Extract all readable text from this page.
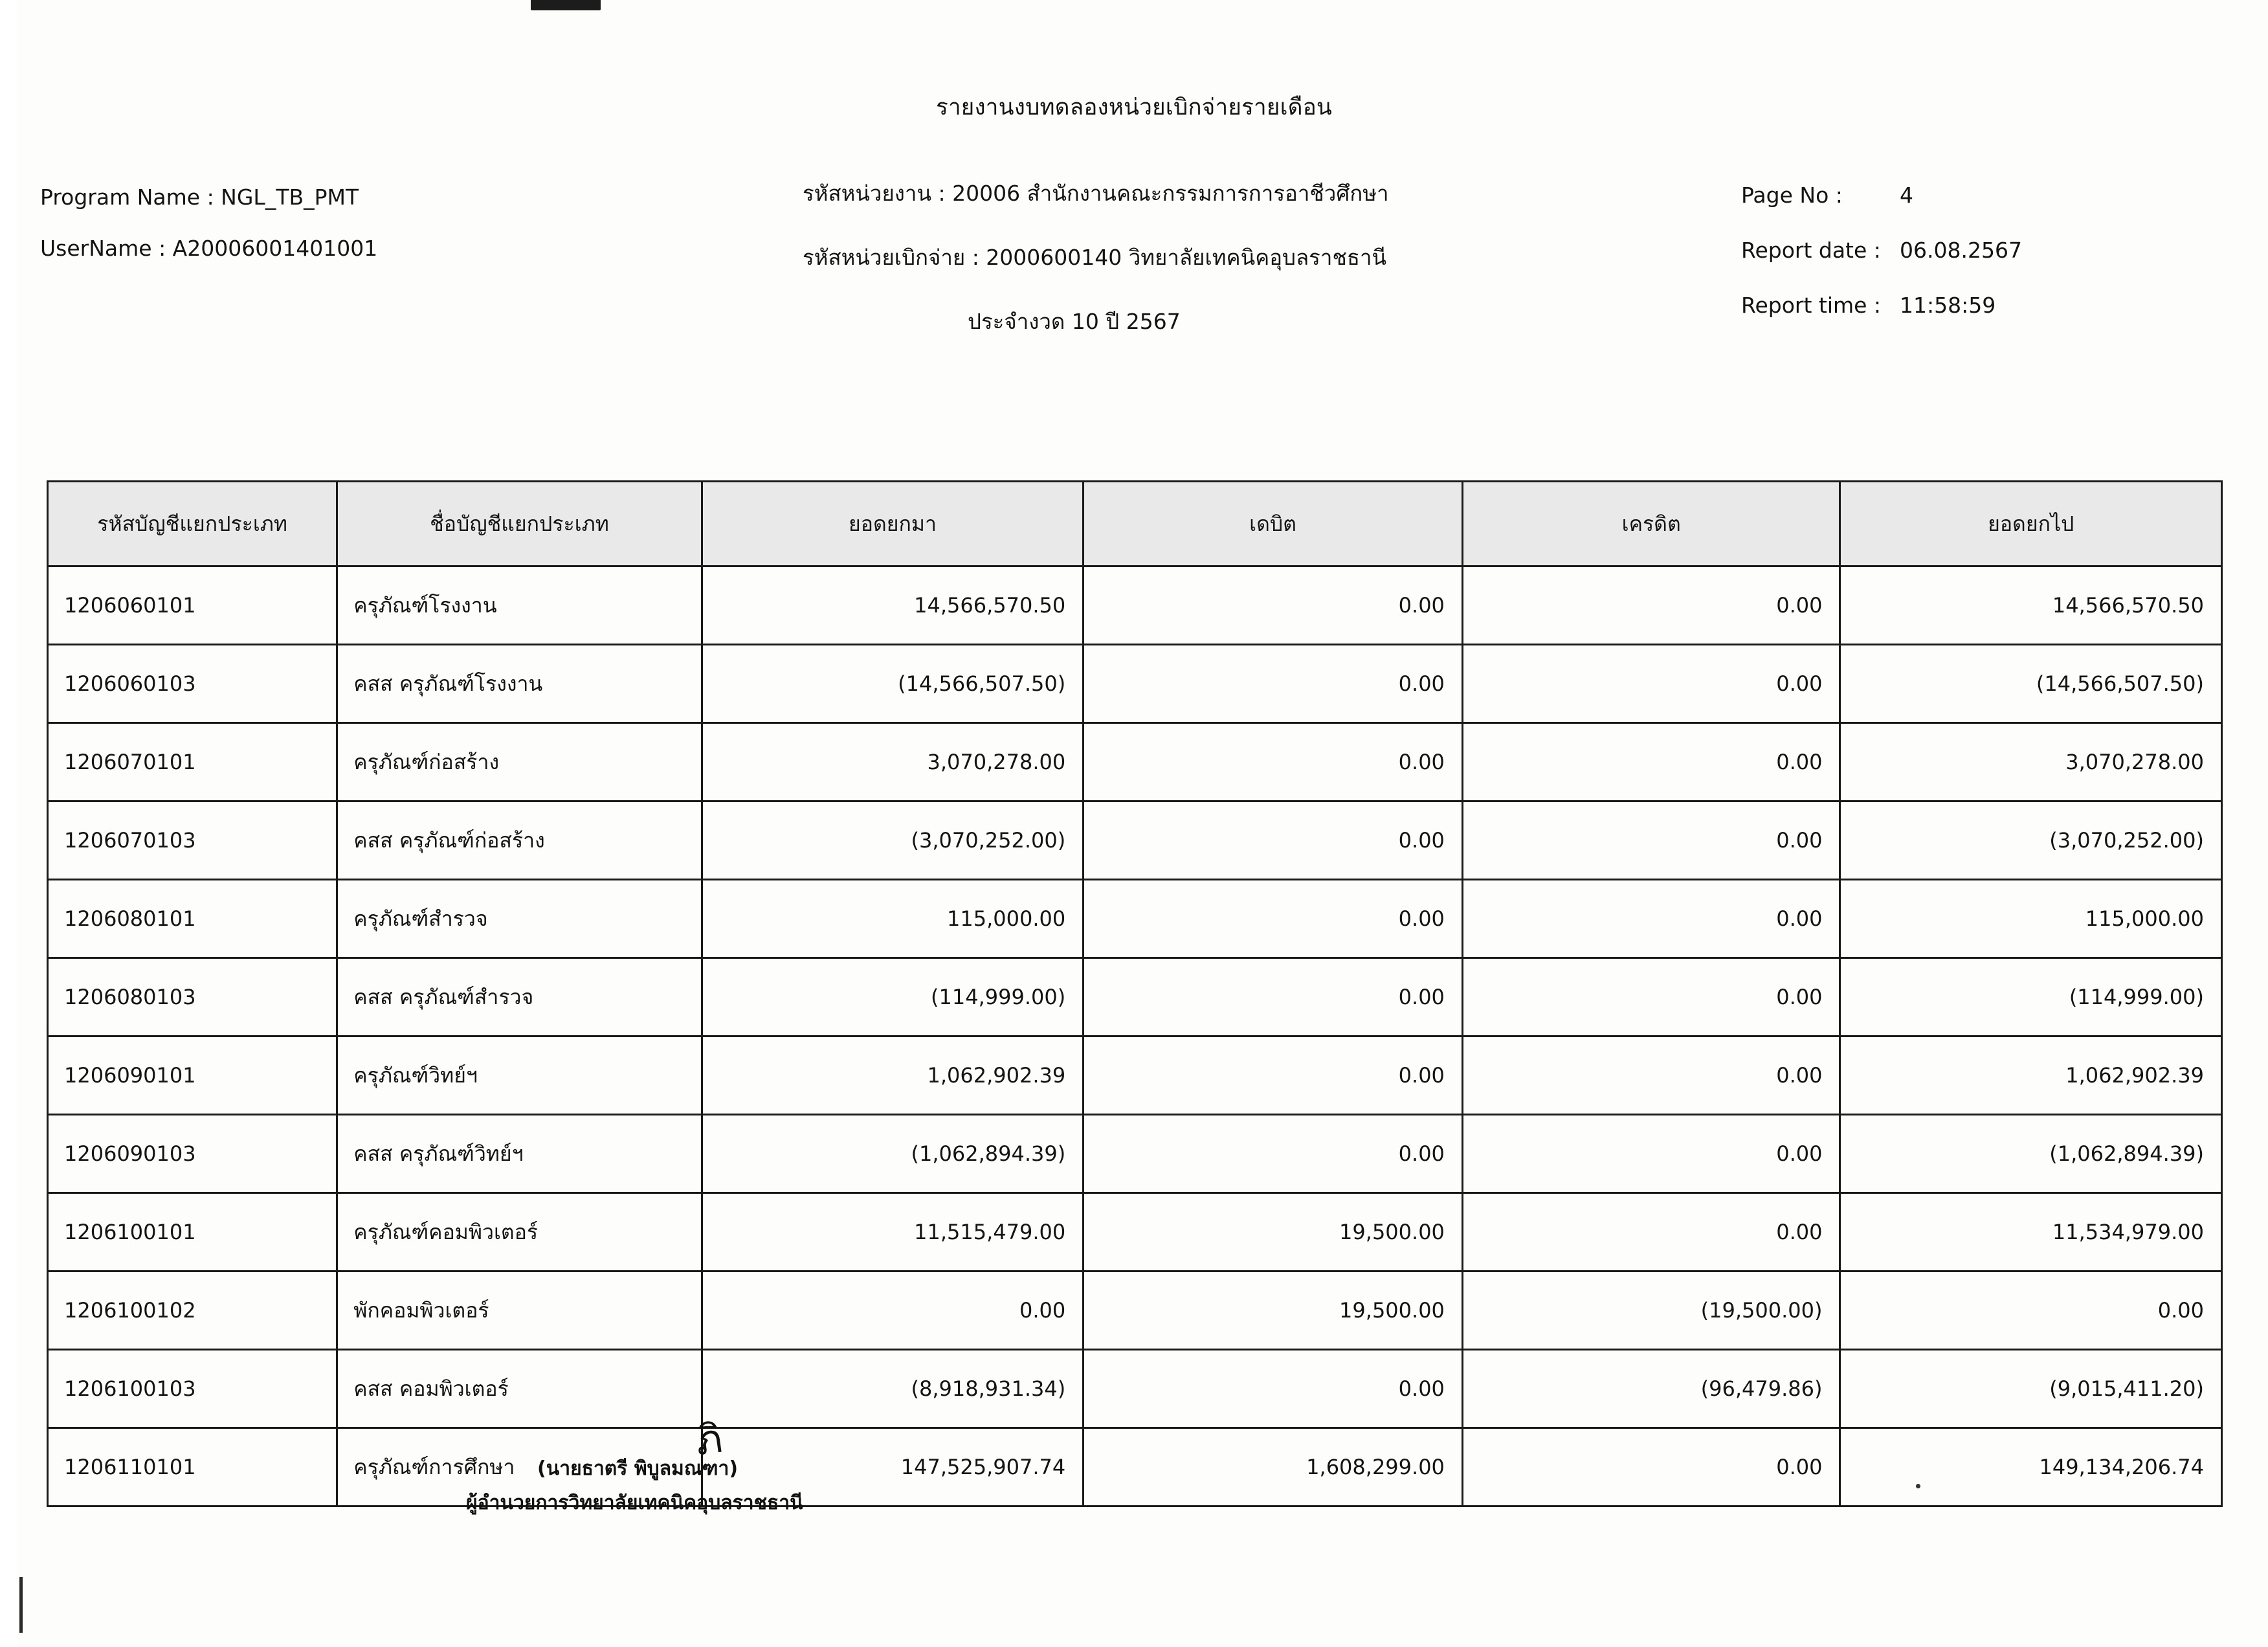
รายงานงบทดลองหน่วยเบิกจ่ายรายเดือน
Program Name : NGL_TB_PMT
UserName : A20006001401001
รหัสหน่วยงาน : 20006 สำนักงานคณะกรรมการการอาชีวศึกษา
รหัสหน่วยเบิกจ่าย : 2000600140 วิทยาลัยเทคนิคอุบลราชธานี
ประจำงวด 10 ปี 2567
Page No :	4
Report date : 06.08.2567
Report time : 11:58:59
รหัสบัญชีแยกประเภท	ชื่อบัญชีแยกประเภท	ยอดยกมา	เดบิต	เครดิต	ยอดยกไป
1206060101	ครุภัณฑ์โรงงาน	14,566,570.50	0.00	0.00	14,566,570.50
1206060103	คสส ครุภัณฑ์โรงงาน	(14,566,507.50)	0.00	0.00	(14,566,507.50)
1206070101	ครุภัณฑ์ก่อสร้าง	3,070,278.00	0.00	0.00	3,070,278.00
1206070103	คสส ครุภัณฑ์ก่อสร้าง	(3,070,252.00)	0.00	0.00	(3,070,252.00)
1206080101	ครุภัณฑ์สำรวจ	115,000.00	0.00	0.00	115,000.00
1206080103	คสส ครุภัณฑ์สำรวจ	(114,999.00)	0.00	0.00	(114,999.00)
1206090101	ครุภัณฑ์วิทย์ฯ	1,062,902.39	0.00	0.00	1,062,902.39
1206090103	คสส ครุภัณฑ์วิทย์ฯ	(1,062,894.39)	0.00	0.00	(1,062,894.39)
1206100101	ครุภัณฑ์คอมพิวเตอร์	11,515,479.00	19,500.00	0.00	11,534,979.00
1206100102	พักคอมพิวเตอร์	0.00	19,500.00	(19,500.00)	0.00
1206100103	คสส คอมพิวเตอร์	(8,918,931.34)	0.00	(96,479.86)	(9,015,411.20)
1206110101	ครุภัณฑ์การศึกษา	147,525,907.74	1,608,299.00	0.00	149,134,206.74
ภิ
(นายธาตรี พิบูลมณฑา)
ผู้อำนวยการวิทยาลัยเทคนิคอุบลราชธานี
